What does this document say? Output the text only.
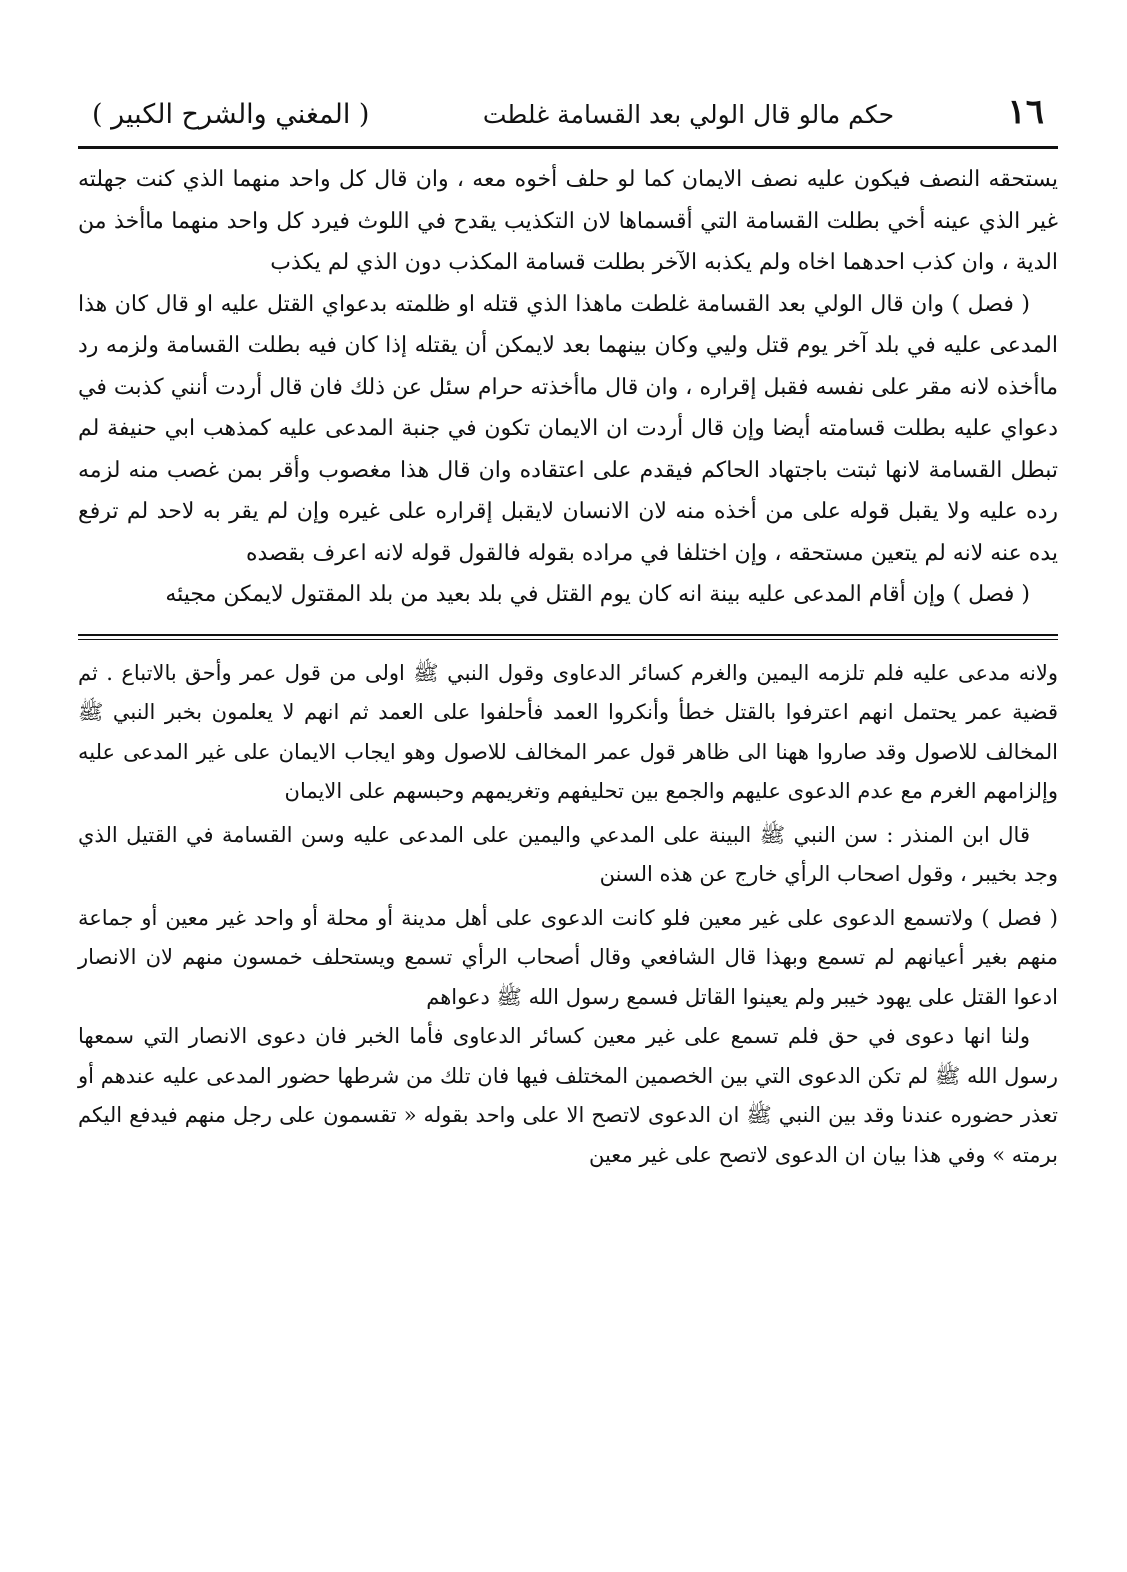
١٦
حكم مالو قال الولي بعد القسامة غلطت
( المغني والشرح الكبير )

يستحقه النصف فيكون عليه نصف الايمان كما لو حلف أخوه معه ، وان قال كل واحد منهما الذي كنت جهلته غير الذي عينه أخي بطلت القسامة التي أقسماها لان التكذيب يقدح في اللوث فيرد كل واحد منهما ماأخذ من الدية ، وان كذب احدهما اخاه ولم يكذبه الآخر بطلت قسامة المكذب دون الذي لم يكذب

( فصل ) وان قال الولي بعد القسامة غلطت ماهذا الذي قتله او ظلمته بدعواي القتل عليه او قال كان هذا المدعى عليه في بلد آخر يوم قتل وليي وكان بينهما بعد لايمكن أن يقتله إذا كان فيه بطلت القسامة ولزمه رد ماأخذه لانه مقر على نفسه فقبل إقراره ، وان قال ماأخذته حرام سئل عن ذلك فان قال أردت أنني كذبت في دعواي عليه بطلت قسامته أيضا وإن قال أردت ان الايمان تكون في جنبة المدعى عليه كمذهب ابي حنيفة لم تبطل القسامة لانها ثبتت باجتهاد الحاكم فيقدم على اعتقاده وان قال هذا مغصوب وأقر بمن غصب منه لزمه رده عليه ولا يقبل قوله على من أخذه منه لان الانسان لايقبل إقراره على غيره وإن لم يقر به لاحد لم ترفع يده عنه لانه لم يتعين مستحقه ، وإن اختلفا في مراده بقوله فالقول قوله لانه اعرف بقصده

( فصل ) وإن أقام المدعى عليه بينة انه كان يوم القتل في بلد بعيد من بلد المقتول لايمكن مجيئه

ولانه مدعى عليه فلم تلزمه اليمين والغرم كسائر الدعاوى وقول النبي ﷺ اولى من قول عمر وأحق بالاتباع . ثم قضية عمر يحتمل انهم اعترفوا بالقتل خطأ وأنكروا العمد فأحلفوا على العمد ثم انهم لا يعلمون بخبر النبي ﷺ المخالف للاصول وقد صاروا ههنا الى ظاهر قول عمر المخالف للاصول وهو ايجاب الايمان على غير المدعى عليه وإلزامهم الغرم مع عدم الدعوى عليهم والجمع بين تحليفهم وتغريمهم وحبسهم على الايمان

قال ابن المنذر : سن النبي ﷺ البينة على المدعي واليمين على المدعى عليه وسن القسامة في القتيل الذي وجد بخيبر ، وقول اصحاب الرأي خارج عن هذه السنن

( فصل ) ولاتسمع الدعوى على غير معين فلو كانت الدعوى على أهل مدينة أو محلة أو واحد غير معين أو جماعة منهم بغير أعيانهم لم تسمع وبهذا قال الشافعي وقال أصحاب الرأي تسمع ويستحلف خمسون منهم لان الانصار ادعوا القتل على يهود خيبر ولم يعينوا القاتل فسمع رسول الله ﷺ دعواهم

ولنا انها دعوى في حق فلم تسمع على غير معين كسائر الدعاوى فأما الخبر فان دعوى الانصار التي سمعها رسول الله ﷺ لم تكن الدعوى التي بين الخصمين المختلف فيها فان تلك من شرطها حضور المدعى عليه عندهم أو تعذر حضوره عندنا وقد بين النبي ﷺ ان الدعوى لاتصح الا على واحد بقوله « تقسمون على رجل منهم فيدفع اليكم برمته » وفي هذا بيان ان الدعوى لاتصح على غير معين
